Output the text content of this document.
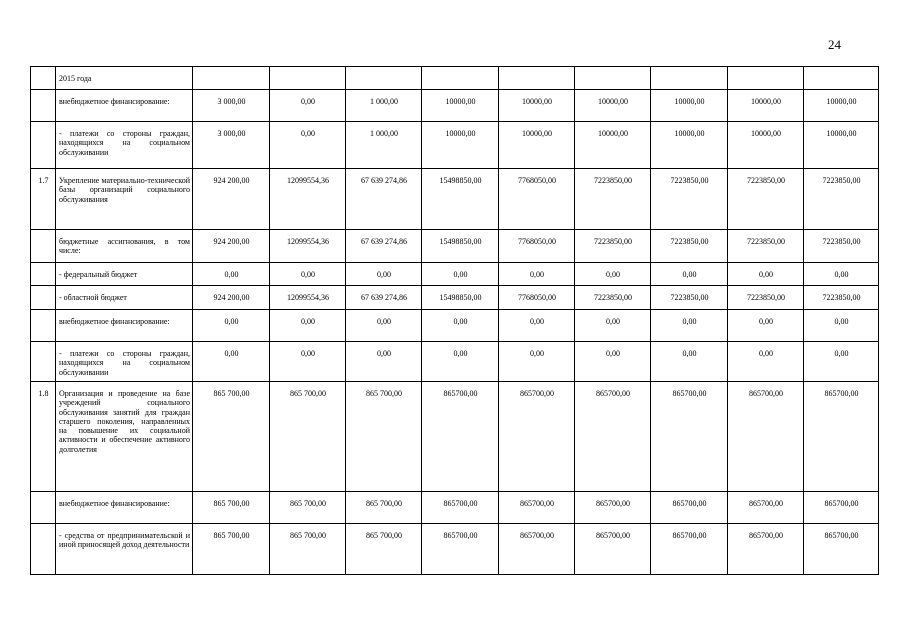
24
	2015 года									
	внебюджетное финансирование:	3 000,00	0,00	1 000,00	10000,00	10000,00	10000,00	10000,00	10000,00	10000,00
	- платежи со стороны граждан, находящихся на социальном обслуживании	3 000,00	0,00	1 000,00	10000,00	10000,00	10000,00	10000,00	10000,00	10000,00
1.7	Укрепление материально-технической базы организаций социального обслуживания	924 200,00	12099554,36	67 639 274,86	15498850,00	7768050,00	7223850,00	7223850,00	7223850,00	7223850,00
	бюджетные ассигнования, в том числе:	924 200,00	12099554,36	67 639 274,86	15498850,00	7768050,00	7223850,00	7223850,00	7223850,00	7223850,00
	- федеральный бюджет	0,00	0,00	0,00	0,00	0,00	0,00	0,00	0,00	0,00
	- областной бюджет	924 200,00	12099554,36	67 639 274,86	15498850,00	7768050,00	7223850,00	7223850,00	7223850,00	7223850,00
	внебюджетное финансирование:	0,00	0,00	0,00	0,00	0,00	0,00	0,00	0,00	0,00
	- платежи со стороны граждан, находящихся на социальном обслуживании	0,00	0,00	0,00	0,00	0,00	0,00	0,00	0,00	0,00
1.8	Организация и проведение на базе учреждений социального обслуживания занятий для граждан старшего поколения, направленных на повышение их социальной активности и обеспечение активного долголетия	865 700,00	865 700,00	865 700,00	865700,00	865700,00	865700,00	865700,00	865700,00	865700,00
	внебюджетное финансирование:	865 700,00	865 700,00	865 700,00	865700,00	865700,00	865700,00	865700,00	865700,00	865700,00
	- средства от предпринимательской и иной приносящей доход деятельности	865 700,00	865 700,00	865 700,00	865700,00	865700,00	865700,00	865700,00	865700,00	865700,00
